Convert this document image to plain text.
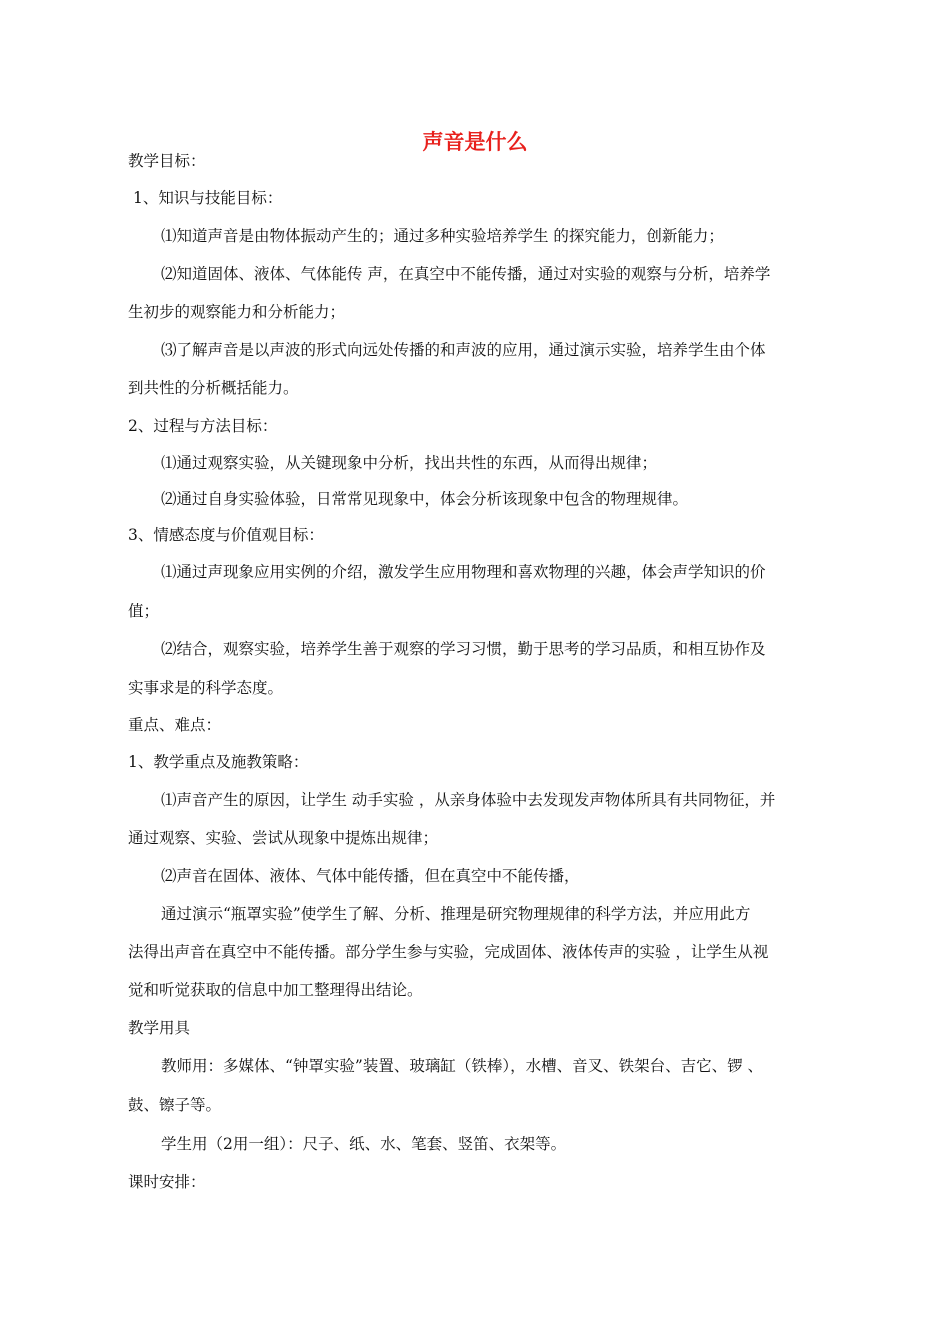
声音是什么
教学目标：
1、知识与技能目标：
⑴知道声音是由物体振动产生的；通过多种实验培养学生 的探究能力，创新能力；
⑵知道固体、液体、气体能传 声，在真空中不能传播，通过对实验的观察与分析，培养学
生初步的观察能力和分析能力；
⑶了解声音是以声波的形式向远处传播的和声波的应用，通过演示实验，培养学生由个体
到共性的分析概括能力。
2、过程与方法目标：
⑴通过观察实验，从关键现象中分析，找出共性的东西，从而得出规律；
⑵通过自身实验体验，日常常见现象中，体会分析该现象中包含的物理规律。
3、情感态度与价值观目标：
⑴通过声现象应用实例的介绍，激发学生应用物理和喜欢物理的兴趣，体会声学知识的价
值；
⑵结合，观察实验，培养学生善于观察的学习习惯，勤于思考的学习品质，和相互协作及
实事求是的科学态度。
重点、难点：
1、教学重点及施教策略：
⑴声音产生的原因，让学生 动手实验 ，从亲身体验中去发现发声物体所具有共同物征，并
通过观察、实验、尝试从现象中提炼出规律；
⑵声音在固体、液体、气体中能传播，但在真空中不能传播，
通过演示“瓶罩实验”使学生了解、分析、推理是研究物理规律的科学方法，并应用此方
法得出声音在真空中不能传播。部分学生参与实验，完成固体、液体传声的实验 ，让学生从视
觉和听觉获取的信息中加工整理得出结论。
教学用具
教师用：多媒体、“钟罩实验”装置、玻璃缸（铁棒），水槽、音叉、铁架台、吉它、锣 、
鼓、镲子等。
学生用（2用一组）：尺子、纸、水、笔套、竖笛、衣架等。
课时安排：
